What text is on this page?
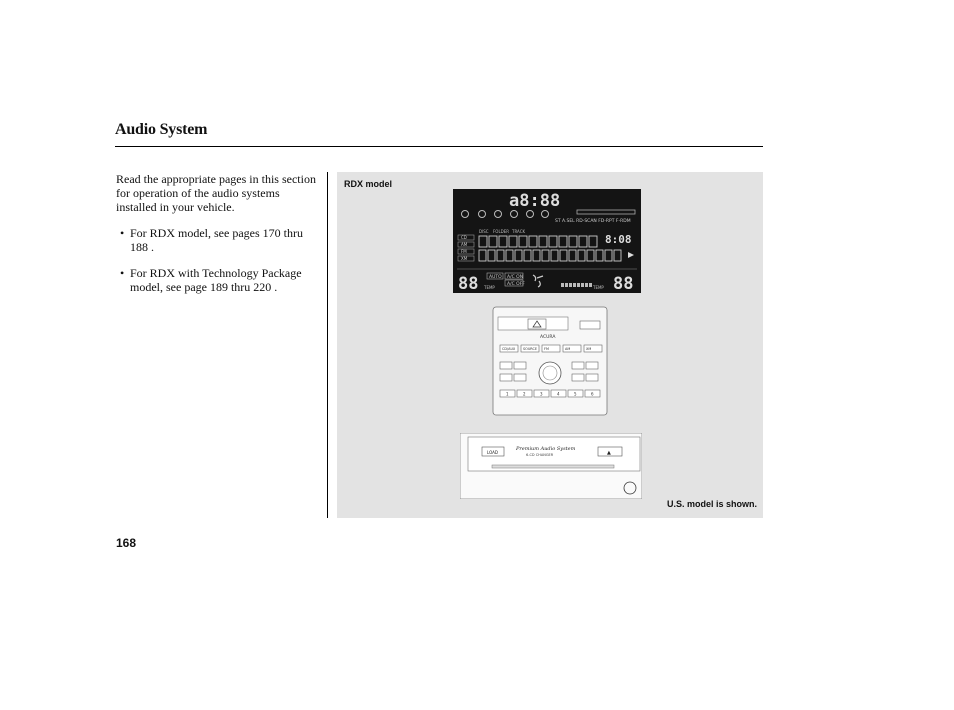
Audio System

Read the appropriate pages in this section for operation of the audio systems installed in your vehicle.

• For RDX model, see pages 170 thru 188 .
• For RDX with Technology Package model, see page 189 thru 220 .
RDX model
a8:88
ST A.SEL RD-SCAN FD-RPT F-RDM
DISC FOLDER TRACK
CD
AM
FM
XM
8:08
88 TEMP
AUTO A/C ON
A/C OFF
TEMP 88
ACURA
CD/AUX SOURCE FM	AM	XM
1	2	3	4	5	6
Premium Audio System
6-CD CHANGER
LOAD	▲
U.S. model is shown.
168
